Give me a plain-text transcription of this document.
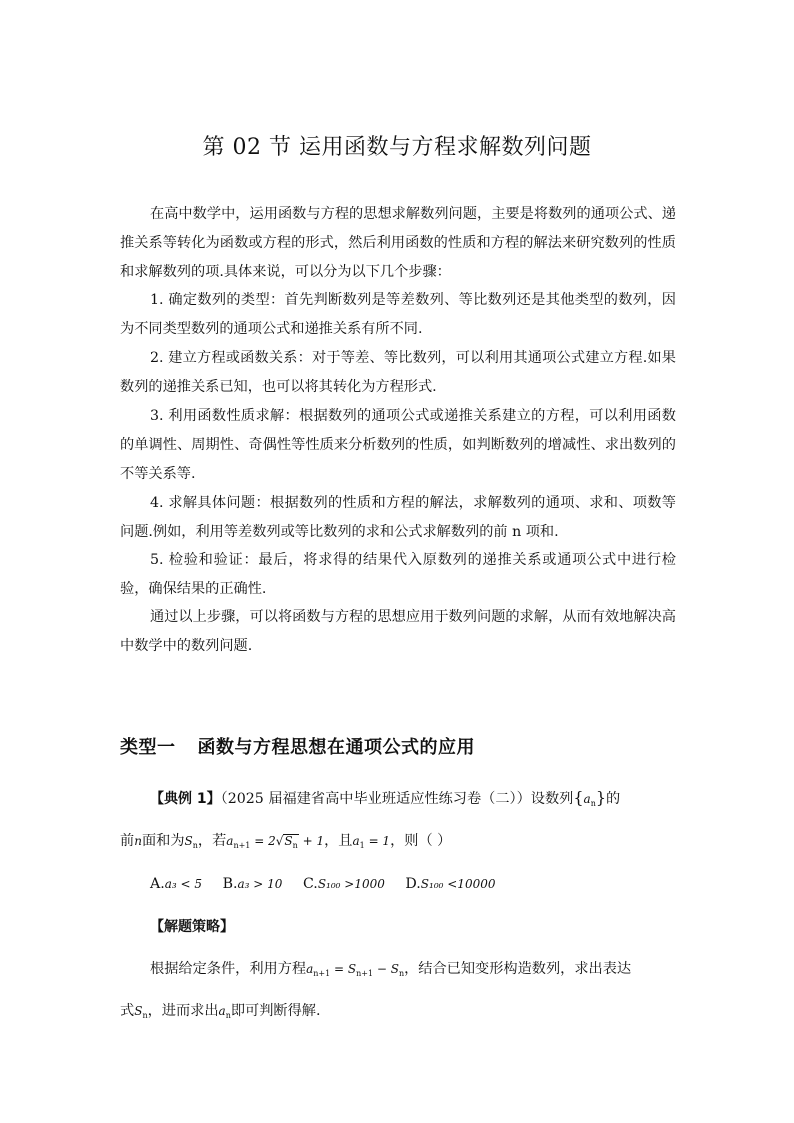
第 02 节 运用函数与方程求解数列问题

在高中数学中，运用函数与方程的思想求解数列问题，主要是将数列的通项公式、递推关系等转化为函数或方程的形式，然后利用函数的性质和方程的解法来研究数列的性质和求解数列的项.具体来说，可以分为以下几个步骤：

1. 确定数列的类型：首先判断数列是等差数列、等比数列还是其他类型的数列，因为不同类型数列的通项公式和递推关系有所不同.

2. 建立方程或函数关系：对于等差、等比数列，可以利用其通项公式建立方程.如果数列的递推关系已知，也可以将其转化为方程形式.

3. 利用函数性质求解：根据数列的通项公式或递推关系建立的方程，可以利用函数的单调性、周期性、奇偶性等性质来分析数列的性质，如判断数列的增减性、求出数列的不等关系等.

4. 求解具体问题：根据数列的性质和方程的解法，求解数列的通项、求和、项数等问题.例如，利用等差数列或等比数列的求和公式求解数列的前 n 项和.

5. 检验和验证：最后，将求得的结果代入原数列的递推关系或通项公式中进行检验，确保结果的正确性.

通过以上步骤，可以将函数与方程的思想应用于数列问题的求解，从而有效地解决高中数学中的数列问题.

类型一 函数与方程思想在通项公式的应用
【典例 1】（2025 届福建省高中毕业班适应性练习卷（二））设数列$\{a_n\}$的
前n面和为$S_n$，若$a_{n+1} = 2√S_n + 1$，且$a_1 = 1$，则（ ）
A.a₃ < 5 B.a₃ > 10 C.S₁₀₀ >1000 D.S₁₀₀ <10000
【解题策略】
根据给定条件，利用方程$a_{n+1} = S_{n+1} - S_n$，结合已知变形构造数列，求出表达
式$S_n$，进而求出$a_n$即可判断得解.
